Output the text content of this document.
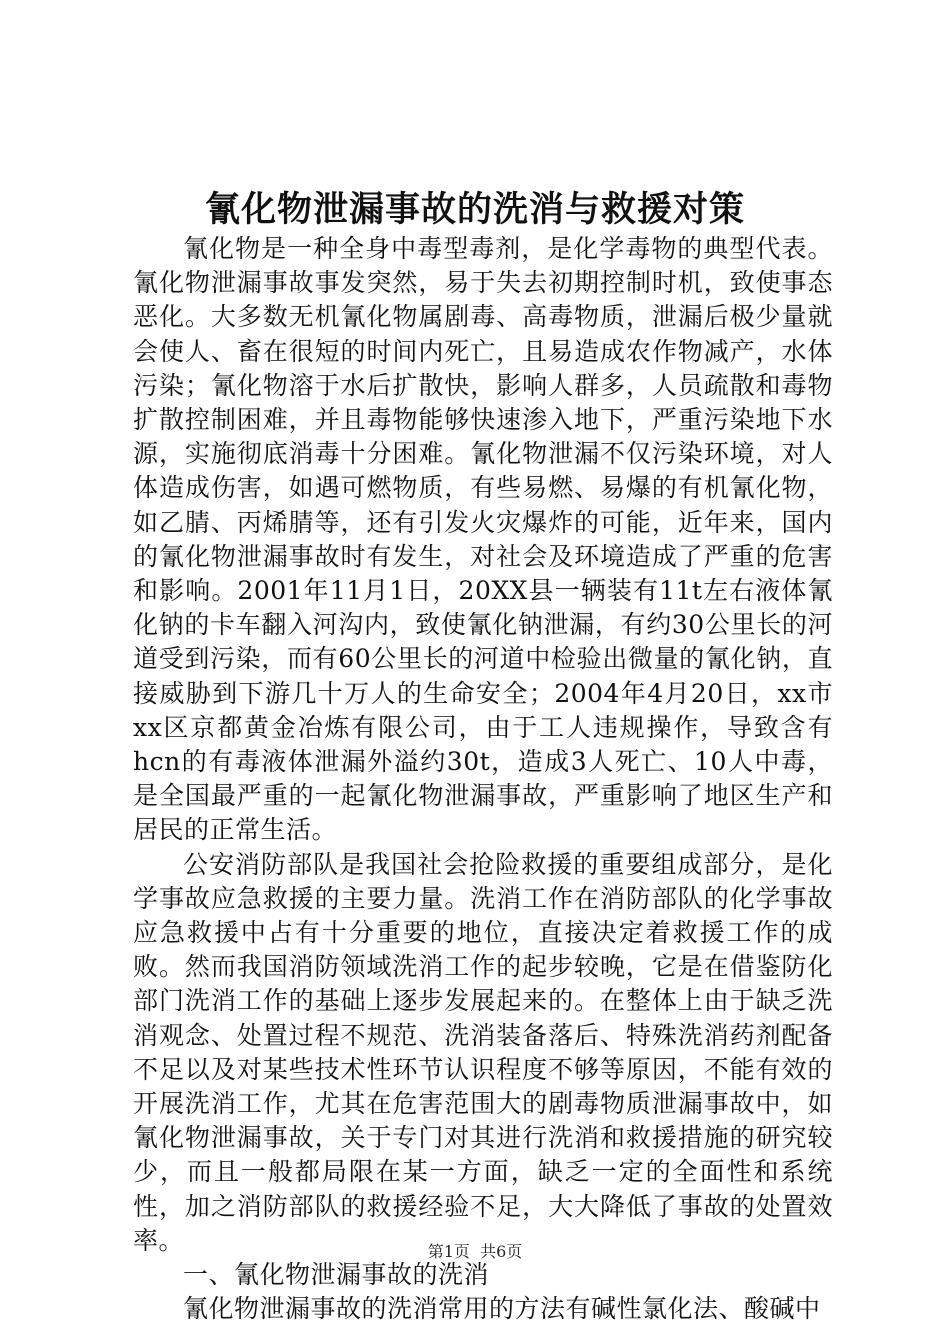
氰化物泄漏事故的洗消与救援对策

氰化物是一种全身中毒型毒剂，是化学毒物的典型代表。氰化物泄漏事故事发突然，易于失去初期控制时机，致使事态恶化。大多数无机氰化物属剧毒、高毒物质，泄漏后极少量就会使人、畜在很短的时间内死亡，且易造成农作物减产，水体污染；氰化物溶于水后扩散快，影响人群多，人员疏散和毒物扩散控制困难，并且毒物能够快速渗入地下，严重污染地下水源，实施彻底消毒十分困难。氰化物泄漏不仅污染环境，对人体造成伤害，如遇可燃物质，有些易燃、易爆的有机氰化物，如乙腈、丙烯腈等，还有引发火灾爆炸的可能，近年来，国内的氰化物泄漏事故时有发生，对社会及环境造成了严重的危害和影响。2001年11月1日，20XX县一辆装有11t左右液体氰化钠的卡车翻入河沟内，致使氰化钠泄漏，有约30公里长的河道受到污染，而有60公里长的河道中检验出微量的氰化钠，直接威胁到下游几十万人的生命安全；2004年4月20日，xx市xx区京都黄金冶炼有限公司，由于工人违规操作，导致含有hcn的有毒液体泄漏外溢约30t，造成3人死亡、10人中毒，是全国最严重的一起氰化物泄漏事故，严重影响了地区生产和居民的正常生活。

公安消防部队是我国社会抢险救援的重要组成部分，是化学事故应急救援的主要力量。洗消工作在消防部队的化学事故应急救援中占有十分重要的地位，直接决定着救援工作的成败。然而我国消防领域洗消工作的起步较晚，它是在借鉴防化部门洗消工作的基础上逐步发展起来的。在整体上由于缺乏洗消观念、处置过程不规范、洗消装备落后、特殊洗消药剂配备不足以及对某些技术性环节认识程度不够等原因，不能有效的开展洗消工作，尤其在危害范围大的剧毒物质泄漏事故中，如氰化物泄漏事故，关于专门对其进行洗消和救援措施的研究较少，而且一般都局限在某一方面，缺乏一定的全面性和系统性，加之消防部队的救援经验不足，大大降低了事故的处置效率。

一、氰化物泄漏事故的洗消

氰化物泄漏事故的洗消常用的方法有碱性氯化法、酸碱中

第1页  共6页
